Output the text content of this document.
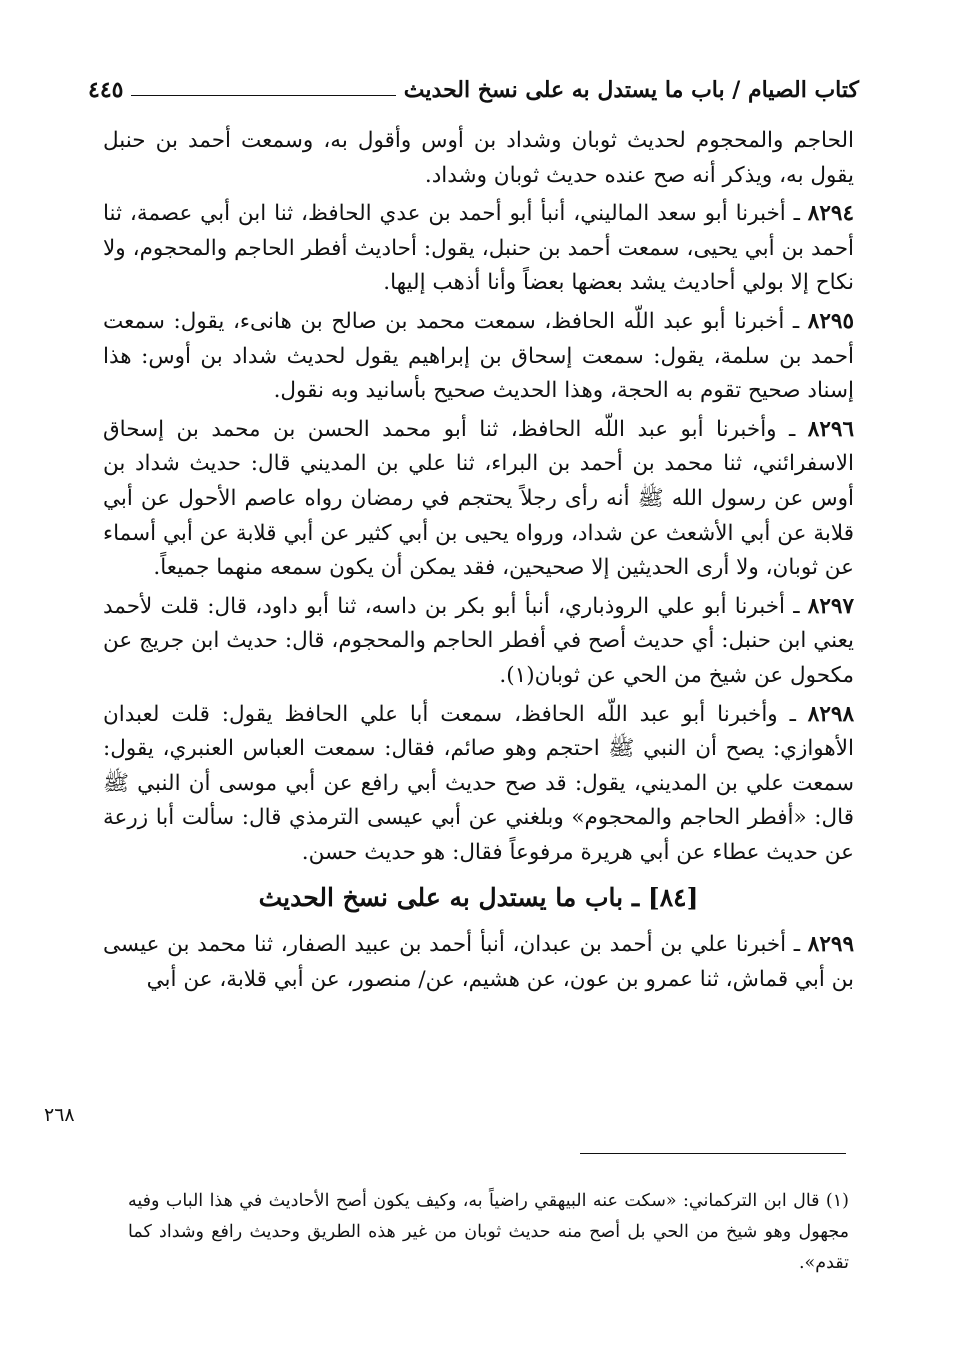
كتاب الصيام / باب ما يستدل به على نسخ الحديث
٤٤٥

الحاجم والمحجوم لحديث ثوبان وشداد بن أوس وأقول به، وسمعت أحمد بن حنبل يقول به، ويذكر أنه صح عنده حديث ثوبان وشداد.

٨٢٩٤ ـ أخبرنا أبو سعد الماليني، أنبأ أبو أحمد بن عدي الحافظ، ثنا ابن أبي عصمة، ثنا أحمد بن أبي يحيى، سمعت أحمد بن حنبل، يقول: أحاديث أفطر الحاجم والمحجوم، ولا نكاح إلا بولي أحاديث يشد بعضها بعضاً وأنا أذهب إليها.

٨٢٩٥ ـ أخبرنا أبو عبد اللّه الحافظ، سمعت محمد بن صالح بن هانىء، يقول: سمعت أحمد بن سلمة، يقول: سمعت إسحاق بن إبراهيم يقول لحديث شداد بن أوس: هذا إسناد صحيح تقوم به الحجة، وهذا الحديث صحيح بأسانيد وبه نقول.

٨٢٩٦ ـ وأخبرنا أبو عبد اللّه الحافظ، ثنا أبو محمد الحسن بن محمد بن إسحاق الاسفرائني، ثنا محمد بن أحمد بن البراء، ثنا علي بن المديني قال: حديث شداد بن أوس عن رسول الله ﷺ أنه رأى رجلاً يحتجم في رمضان رواه عاصم الأحول عن أبي قلابة عن أبي الأشعث عن شداد، ورواه يحيى بن أبي كثير عن أبي قلابة عن أبي أسماء عن ثوبان، ولا أرى الحديثين إلا صحيحين، فقد يمكن أن يكون سمعه منهما جميعاً.

٨٢٩٧ ـ أخبرنا أبو علي الروذباري، أنبأ أبو بكر بن داسه، ثنا أبو داود، قال: قلت لأحمد يعني ابن حنبل: أي حديث أصح في أفطر الحاجم والمحجوم، قال: حديث ابن جريج عن مكحول عن شيخ من الحي عن ثوبان(١).

٨٢٩٨ ـ وأخبرنا أبو عبد اللّه الحافظ، سمعت أبا علي الحافظ يقول: قلت لعبدان الأهوازي: يصح أن النبي ﷺ احتجم وهو صائم، فقال: سمعت العباس العنبري، يقول: سمعت علي بن المديني، يقول: قد صح حديث أبي رافع عن أبي موسى أن النبي ﷺ قال: «أفطر الحاجم والمحجوم» وبلغني عن أبي عيسى الترمذي قال: سألت أبا زرعة عن حديث عطاء عن أبي هريرة مرفوعاً فقال: هو حديث حسن.

[٨٤] ـ باب ما يستدل به على نسخ الحديث

٨٢٩٩ ـ أخبرنا علي بن أحمد بن عبدان، أنبأ أحمد بن عبيد الصفار، ثنا محمد بن عيسى بن أبي قماش، ثنا عمرو بن عون، عن هشيم، عن/ منصور، عن أبي قلابة، عن أبي

٢٦٨
(١) قال ابن التركماني: «سكت عنه البيهقي راضياً به، وكيف يكون أصح الأحاديث في هذا الباب وفيه مجهول وهو شيخ من الحي بل أصح منه حديث ثوبان من غير هذه الطريق وحديث رافع وشداد كما تقدم».
